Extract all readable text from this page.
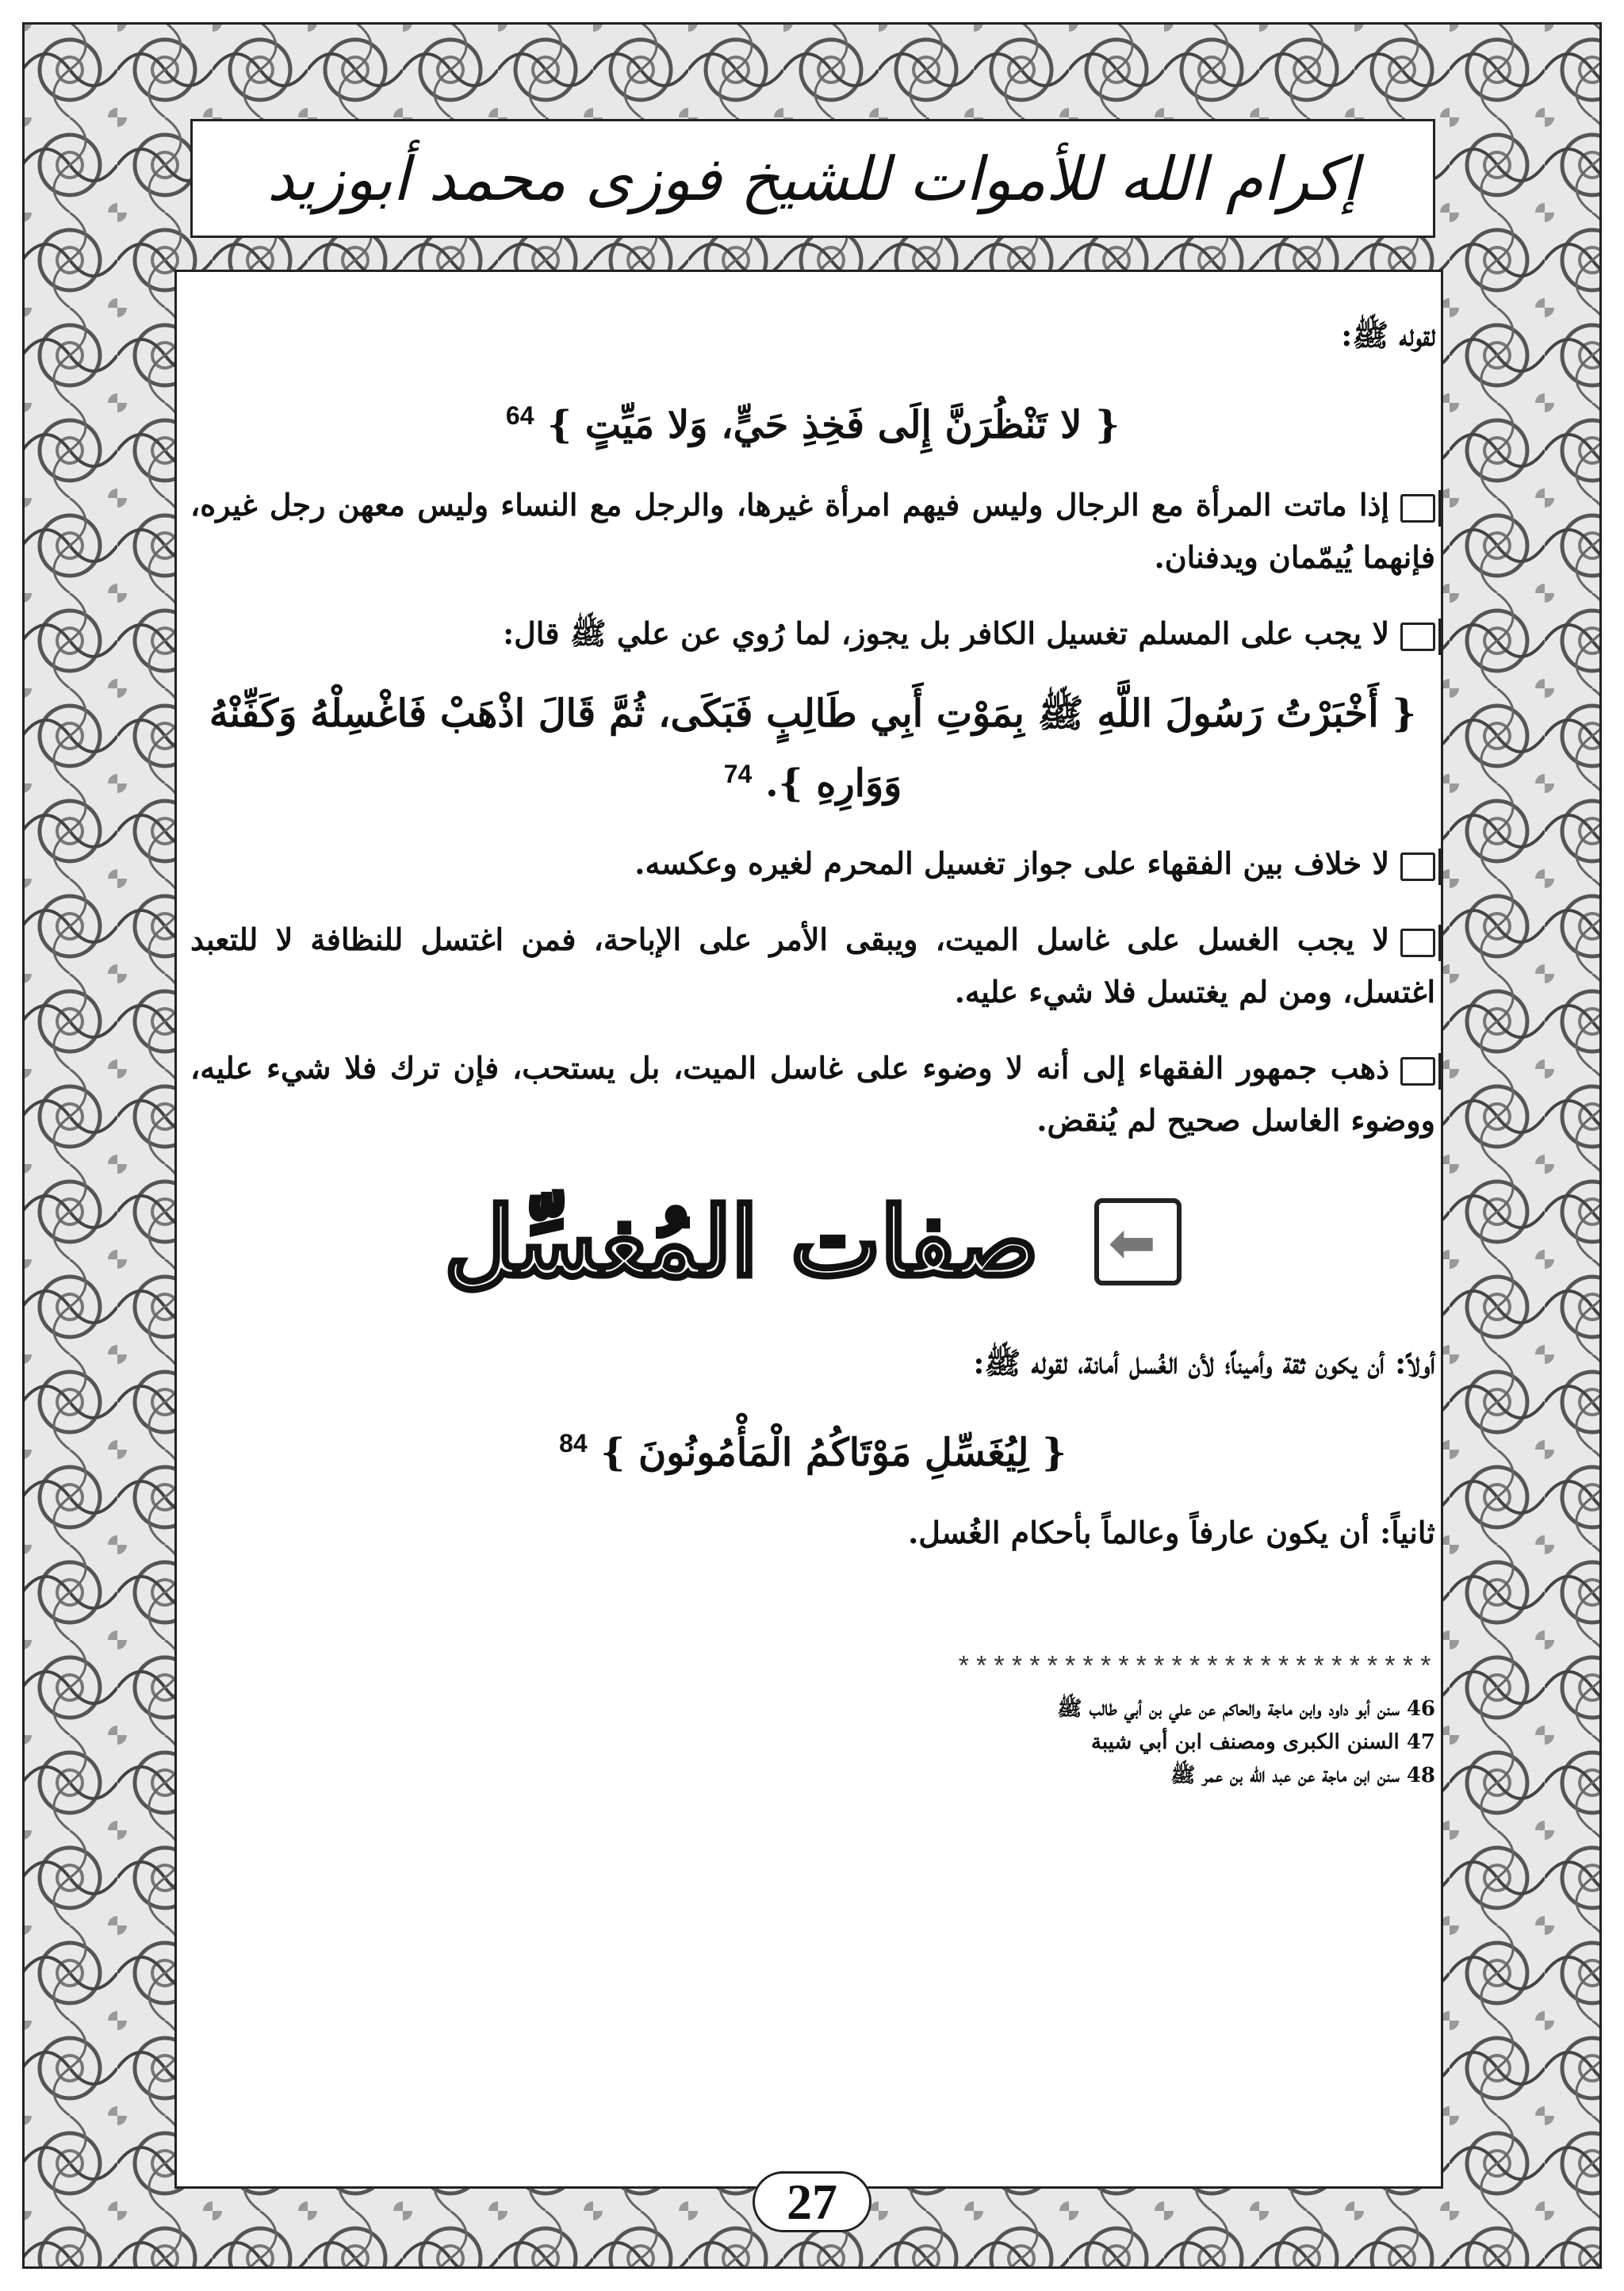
إكرام الله للأموات للشيخ فوزى محمد أبوزيد

لقوله ﷺ:

{ لا تَنْظُرَنَّ إِلَى فَخِذِ حَيٍّ، وَلا مَيِّتٍ } $^{64}$

إذا ماتت المرأة مع الرجال وليس فيهم امرأة غيرها، والرجل مع النساء وليس معهن رجل غيره، فإنهما يُيمّمان ويدفنان.

لا يجب على المسلم تغسيل الكافر بل يجوز، لما رُوي عن علي ﷺ قال:

{ أَخْبَرْتُ رَسُولَ اللَّهِ ﷺ بِمَوْتِ أَبِي طَالِبٍ فَبَكَى، ثُمَّ قَالَ اذْهَبْ فَاغْسِلْهُ وَكَفِّنْهُ وَوَارِهِ }. $^{74}$

لا خلاف بين الفقهاء على جواز تغسيل المحرم لغيره وعكسه.

لا يجب الغسل على غاسل الميت، ويبقى الأمر على الإباحة، فمن اغتسل للنظافة لا للتعبد اغتسل، ومن لم يغتسل فلا شيء عليه.

ذهب جمهور الفقهاء إلى أنه لا وضوء على غاسل الميت، بل يستحب، فإن ترك فلا شيء عليه، ووضوء الغاسل صحيح لم يُنقض.

⬅
صفات المُغسِّل

أولاً: أن يكون ثقة وأميناً؛ لأن الغُسل أمانة، لقوله ﷺ:

{ لِيُغَسِّلِ مَوْتَاكُمُ الْمَأْمُونُونَ } $^{84}$

ثانياً: أن يكون عارفاً وعالماً بأحكام الغُسل.

***************************

46 سنن أبو داود وابن ماجة والحاكم عن علي بن أبي طالب ﷺ

47 السنن الكبرى ومصنف ابن أبي شيبة

48 سنن ابن ماجة عن عبد الله بن عمر ﷺ

27
